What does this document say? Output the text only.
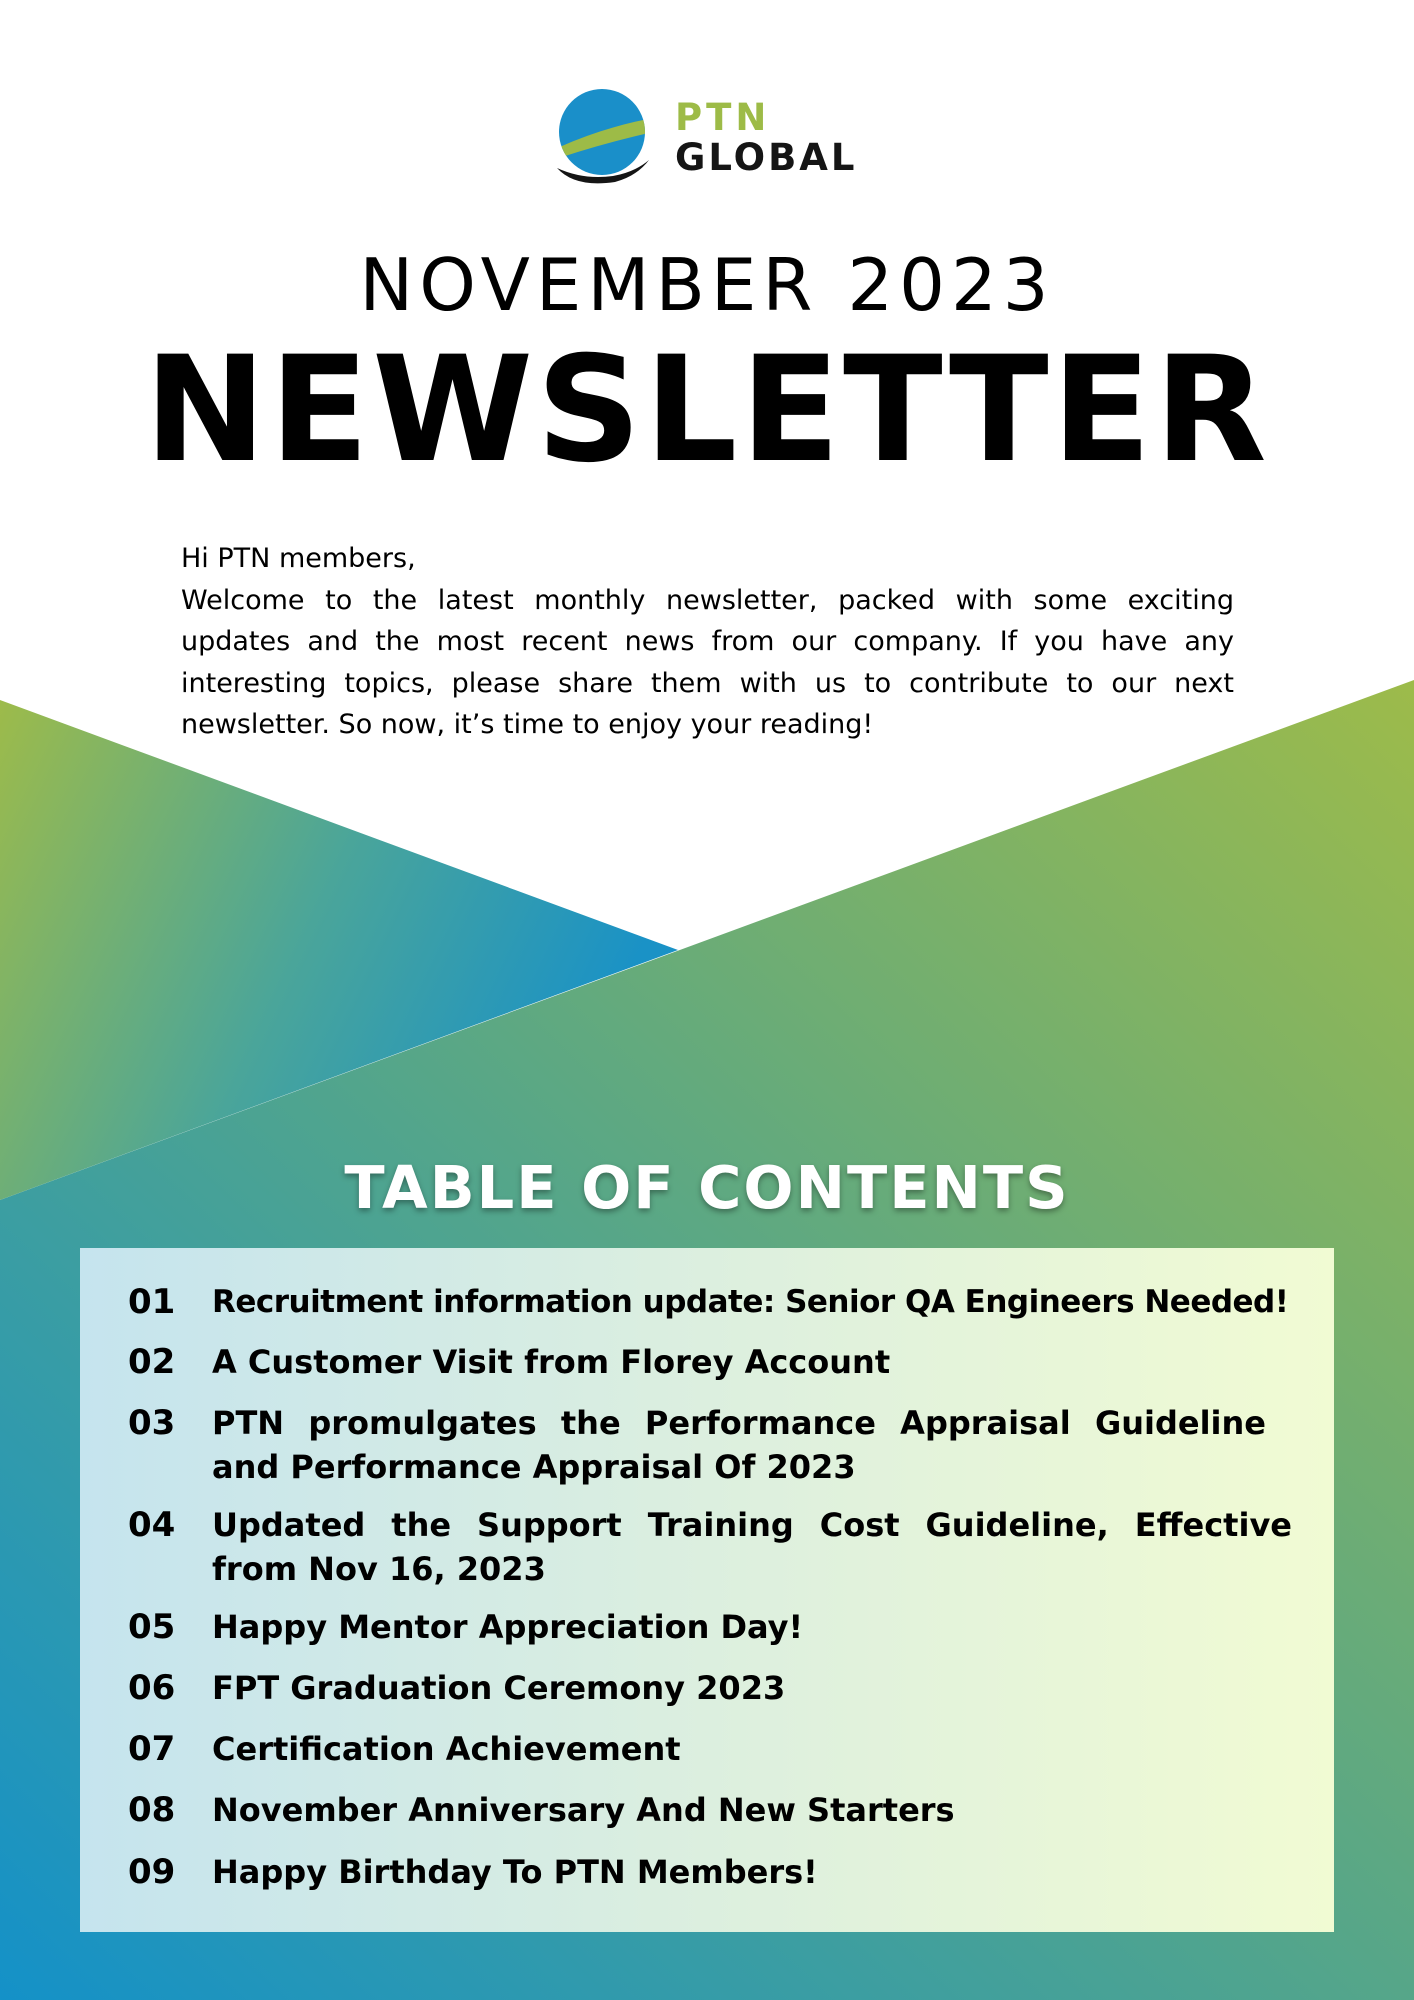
PTN
GLOBAL
NOVEMBER 2023
NEWSLETTER

Hi PTN members,

Welcome to the latest monthly newsletter, packed with some exciting updates and the most recent news from our company. If you have any interesting topics, please share them with us to contribute to our next newsletter. So now, it’s time to enjoy your reading!

TABLE OF CONTENTS
01 Recruitment information update: Senior QA Engineers Needed!
02 A Customer Visit from Florey Account
03 PTN promulgates the Performance Appraisal Guideline and Performance Appraisal Of 2023
04 Updated the Support Training Cost Guideline, Effective from Nov 16, 2023
05 Happy Mentor Appreciation Day!
06 FPT Graduation Ceremony 2023
07 Certification Achievement
08 November Anniversary And New Starters
09 Happy Birthday To PTN Members!
